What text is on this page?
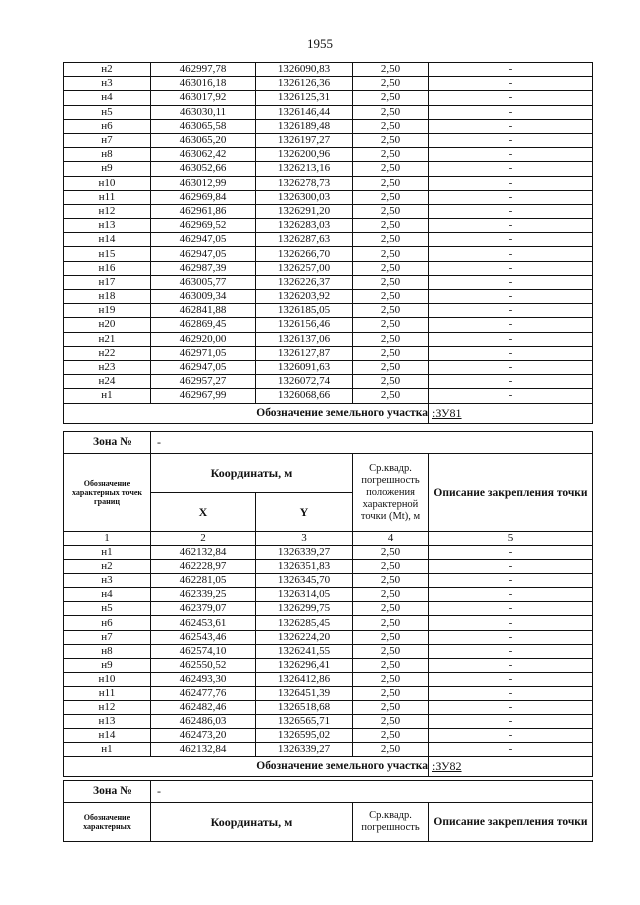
1955
н2	462997,78	1326090,83	2,50	-
н3	463016,18	1326126,36	2,50	-
н4	463017,92	1326125,31	2,50	-
н5	463030,11	1326146,44	2,50	-
н6	463065,58	1326189,48	2,50	-
н7	463065,20	1326197,27	2,50	-
н8	463062,42	1326200,96	2,50	-
н9	463052,66	1326213,16	2,50	-
н10	463012,99	1326278,73	2,50	-
н11	462969,84	1326300,03	2,50	-
н12	462961,86	1326291,20	2,50	-
н13	462969,52	1326283,03	2,50	-
н14	462947,05	1326287,63	2,50	-
н15	462947,05	1326266,70	2,50	-
н16	462987,39	1326257,00	2,50	-
н17	463005,77	1326226,37	2,50	-
н18	463009,34	1326203,92	2,50	-
н19	462841,88	1326185,05	2,50	-
н20	462869,45	1326156,46	2,50	-
н21	462920,00	1326137,06	2,50	-
н22	462971,05	1326127,87	2,50	-
н23	462947,05	1326091,63	2,50	-
н24	462957,27	1326072,74	2,50	-
н1	462967,99	1326068,66	2,50	-
Обозначение земельного участка				:ЗУ81
Зона №	-			
Обозначение характерных точек границ	Координаты, м		Ср.квадр. погрешность положения характерной точки (Mt), м	Описание закрепления точки
	X	Y		
1	2	3	4	5
н1	462132,84	1326339,27	2,50	-
н2	462228,97	1326351,83	2,50	-
н3	462281,05	1326345,70	2,50	-
н4	462339,25	1326314,05	2,50	-
н5	462379,07	1326299,75	2,50	-
н6	462453,61	1326285,45	2,50	-
н7	462543,46	1326224,20	2,50	-
н8	462574,10	1326241,55	2,50	-
н9	462550,52	1326296,41	2,50	-
н10	462493,30	1326412,86	2,50	-
н11	462477,76	1326451,39	2,50	-
н12	462482,46	1326518,68	2,50	-
н13	462486,03	1326565,71	2,50	-
н14	462473,20	1326595,02	2,50	-
н1	462132,84	1326339,27	2,50	-
Обозначение земельного участка				:ЗУ82
Зона №	-		
Обозначение характерных	Координаты, м	Ср.квадр. погрешность	Описание закрепления точки
